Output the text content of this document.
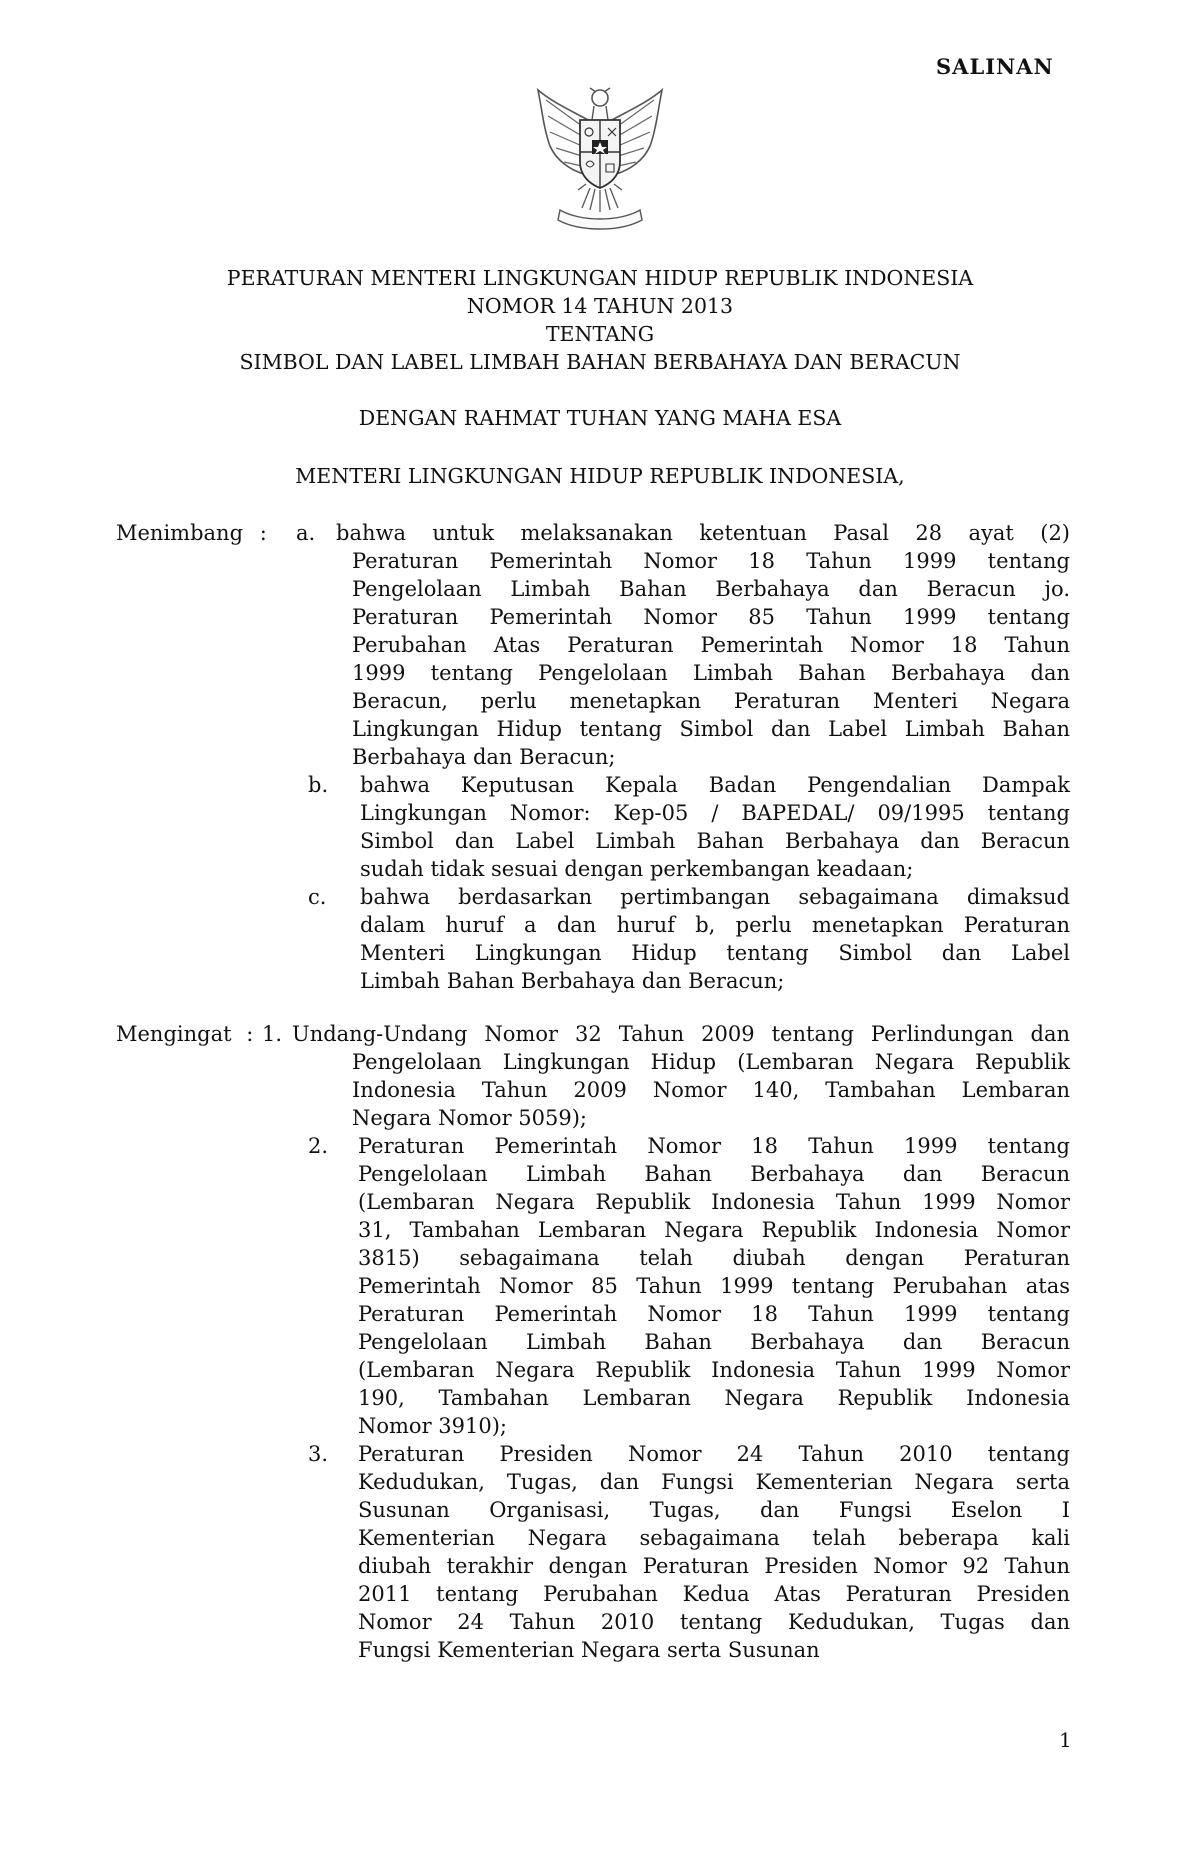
SALINAN
PERATURAN MENTERI LINGKUNGAN HIDUP REPUBLIK INDONESIA
NOMOR 14 TAHUN 2013
TENTANG
SIMBOL DAN LABEL LIMBAH BAHAN BERBAHAYA DAN BERACUN
DENGAN RAHMAT TUHAN YANG MAHA ESA
MENTERI LINGKUNGAN HIDUP REPUBLIK INDONESIA,
Menimbang : a. bahwa untuk melaksanakan ketentuan Pasal 28 ayat (2)
Peraturan Pemerintah Nomor 18 Tahun 1999 tentang
Pengelolaan Limbah Bahan Berbahaya dan Beracun jo.
Peraturan Pemerintah Nomor 85 Tahun 1999 tentang
Perubahan Atas Peraturan Pemerintah Nomor 18 Tahun
1999 tentang Pengelolaan Limbah Bahan Berbahaya dan
Beracun, perlu menetapkan Peraturan Menteri Negara
Lingkungan Hidup tentang Simbol dan Label Limbah Bahan
Berbahaya dan Beracun;
b. bahwa Keputusan Kepala Badan Pengendalian Dampak
Lingkungan Nomor: Kep-05 / BAPEDAL/ 09/1995 tentang
Simbol dan Label Limbah Bahan Berbahaya dan Beracun
sudah tidak sesuai dengan perkembangan keadaan;
c. bahwa berdasarkan pertimbangan sebagaimana dimaksud
dalam huruf a dan huruf b, perlu menetapkan Peraturan
Menteri Lingkungan Hidup tentang Simbol dan Label
Limbah Bahan Berbahaya dan Beracun;
Mengingat : 1. Undang-Undang Nomor 32 Tahun 2009 tentang Perlindungan dan
Pengelolaan Lingkungan Hidup (Lembaran Negara Republik
Indonesia Tahun 2009 Nomor 140, Tambahan Lembaran
Negara Nomor 5059);
2. Peraturan Pemerintah Nomor 18 Tahun 1999 tentang
Pengelolaan Limbah Bahan Berbahaya dan Beracun
(Lembaran Negara Republik Indonesia Tahun 1999 Nomor
31, Tambahan Lembaran Negara Republik Indonesia Nomor
3815) sebagaimana telah diubah dengan Peraturan
Pemerintah Nomor 85 Tahun 1999 tentang Perubahan atas
Peraturan Pemerintah Nomor 18 Tahun 1999 tentang
Pengelolaan Limbah Bahan Berbahaya dan Beracun
(Lembaran Negara Republik Indonesia Tahun 1999 Nomor
190, Tambahan Lembaran Negara Republik Indonesia
Nomor 3910);
3. Peraturan Presiden Nomor 24 Tahun 2010 tentang
Kedudukan, Tugas, dan Fungsi Kementerian Negara serta
Susunan Organisasi, Tugas, dan Fungsi Eselon I
Kementerian Negara sebagaimana telah beberapa kali
diubah terakhir dengan Peraturan Presiden Nomor 92 Tahun
2011 tentang Perubahan Kedua Atas Peraturan Presiden
Nomor 24 Tahun 2010 tentang Kedudukan, Tugas dan
Fungsi Kementerian Negara serta Susunan
1
